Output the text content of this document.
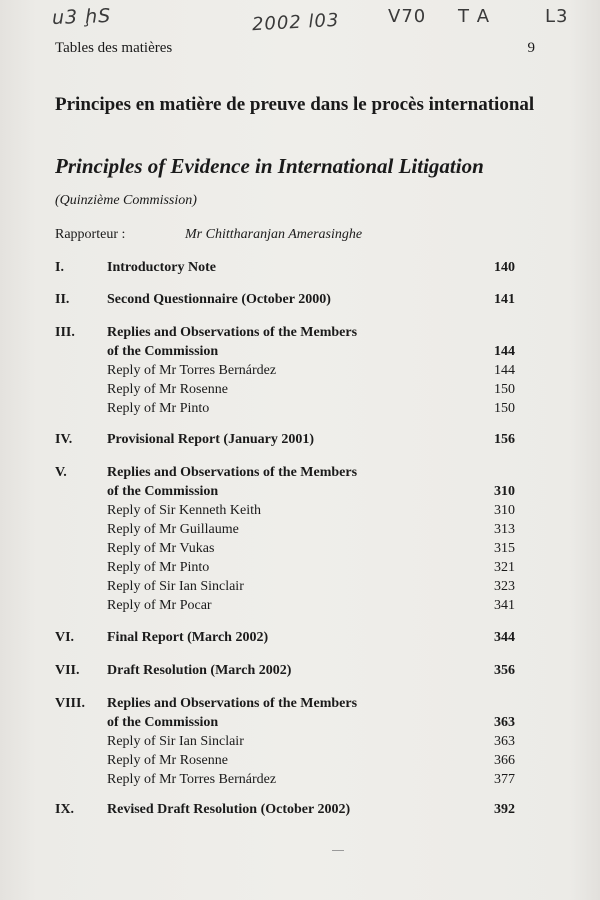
u3 ḩS	2002 l03	V70 T A	L3
Tables des matières	9
Principes en matière de preuve dans le procès international
Principles of Evidence in International Litigation
(Quinzième Commission)
Rapporteur :	Mr Chittharanjan Amerasinghe
I.	Introductory Note	140
II.	Second Questionnaire (October 2000)	141
III. Replies and Observations of the Members
of the Commission	144
Reply of Mr Torres Bernárdez	144
Reply of Mr Rosenne	150
Reply of Mr Pinto	150
IV. Provisional Report (January 2001)	156
V.	Replies and Observations of the Members
of the Commission	310
Reply of Sir Kenneth Keith	310
Reply of Mr Guillaume	313
Reply of Mr Vukas	315
Reply of Mr Pinto	321
Reply of Sir Ian Sinclair	323
Reply of Mr Pocar	341
VI. Final Report (March 2002)	344
VII. Draft Resolution (March 2002)	356
VIII. Replies and Observations of the Members
of the Commission	363
Reply of Sir Ian Sinclair	363
Reply of Mr Rosenne	366
Reply of Mr Torres Bernárdez	377
IX. Revised Draft Resolution (October 2002)	392
